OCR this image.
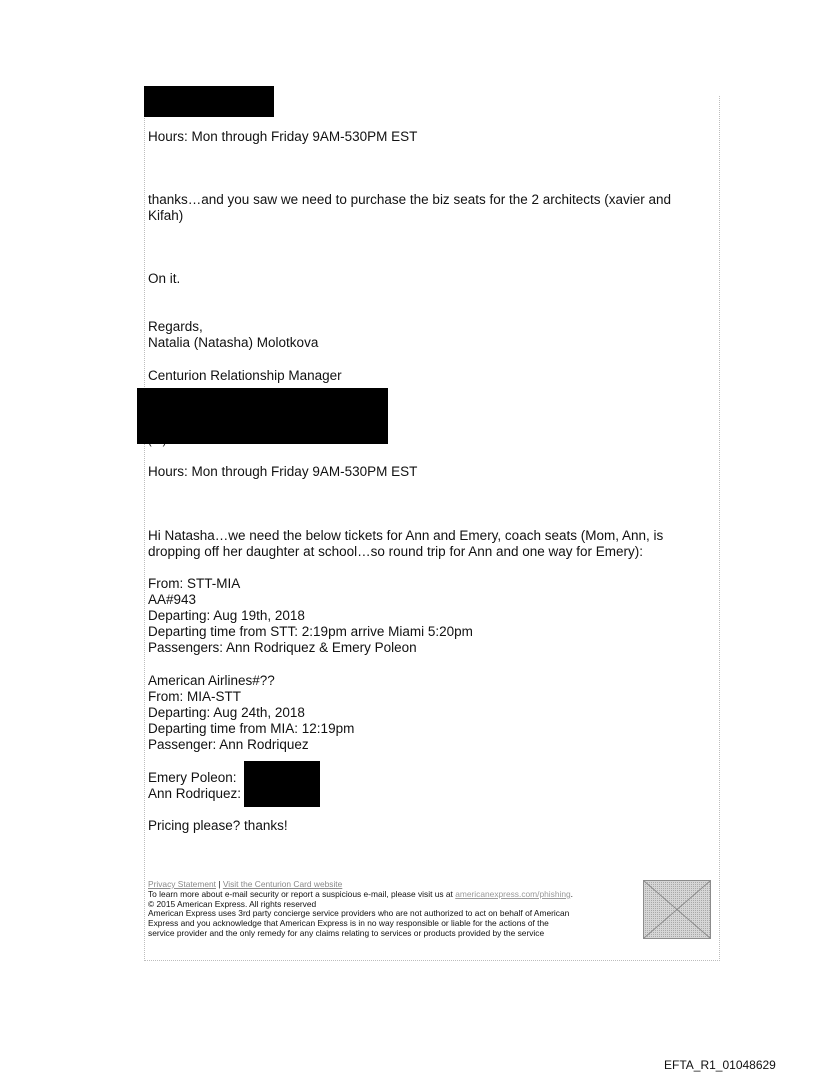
Hours: Mon through Friday 9AM-530PM EST

thanks…and you saw we need to purchase the biz seats for the 2 architects (xavier and
Kifah)

On it.

Regards,
Natalia (Natasha) Molotkova

Centurion Relationship Manager

Hours: Mon through Friday 9AM-530PM EST

Hi Natasha…we need the below tickets for Ann and Emery, coach seats (Mom, Ann, is
dropping off her daughter at school…so round trip for Ann and one way for Emery):
From: STT-MIA
AA#943
Departing: Aug 19th, 2018
Departing time from STT: 2:19pm arrive Miami 5:20pm
Passengers: Ann Rodriquez & Emery Poleon
American Airlines#??
From: MIA-STT
Departing: Aug 24th, 2018
Departing time from MIA: 12:19pm
Passenger: Ann Rodriquez
Emery Poleon:
Ann Rodriquez:

Pricing please? thanks!

Privacy Statement | Visit the Centurion Card website
To learn more about e-mail security or report a suspicious e-mail, please visit us at americanexpress.com/phishing.
© 2015 American Express. All rights reserved
American Express uses 3rd party concierge service providers who are not authorized to act on behalf of American
Express and you acknowledge that American Express is in no way responsible or liable for the actions of the
service provider and the only remedy for any claims relating to services or products provided by the service
EFTA_R1_01048629
